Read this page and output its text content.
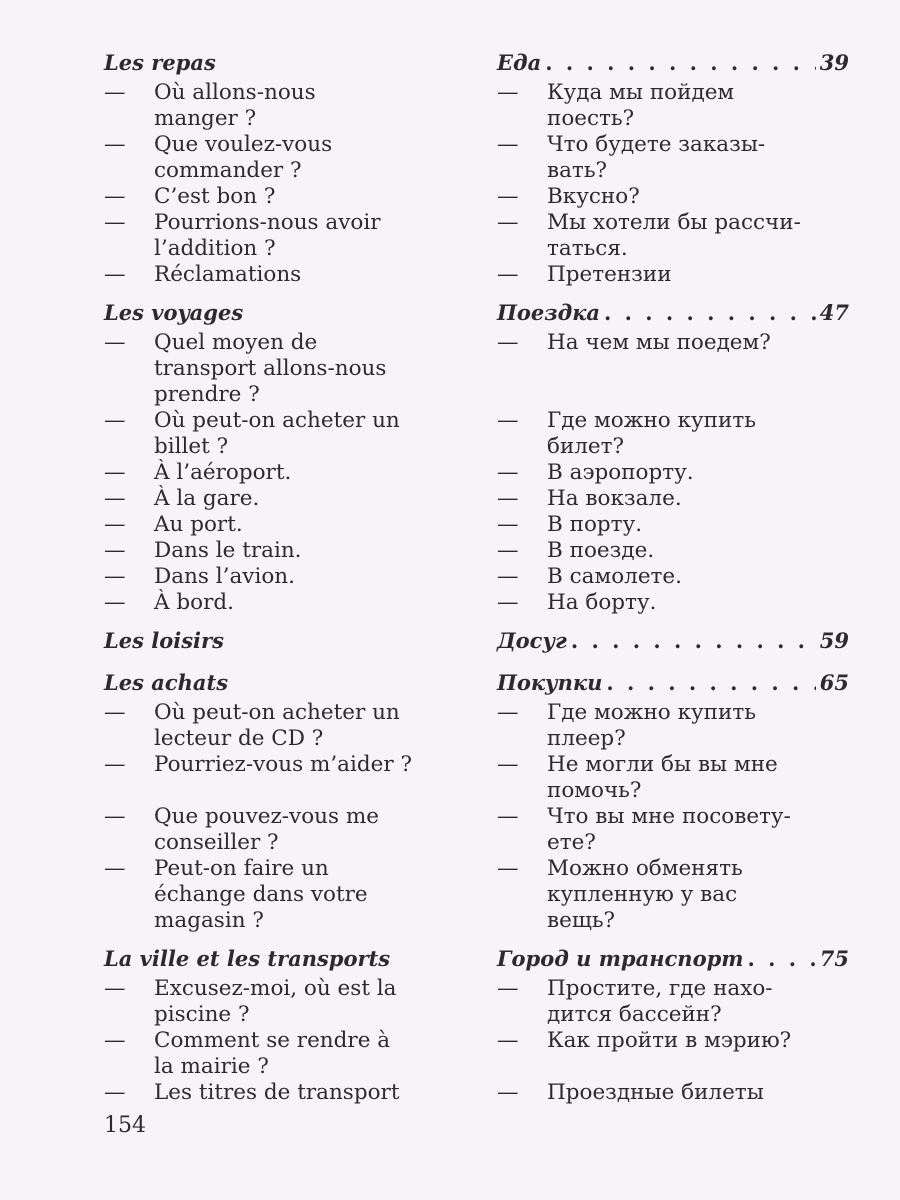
Les repas
—	Où allons-nous
manger ?
—	Que voulez-vous
commander ?
—	C’est bon ?
—	Pourrions-nous avoir
l’addition ?
—	Réclamations
Les voyages
—	Quel moyen de
transport allons-nous
prendre ?
—	Où peut-on acheter un
billet ?
—	À l’aéroport.
—	À la gare.
—	Au port.
—	Dans le train.
—	Dans l’avion.
—	À bord.
Les loisirs
Les achats
—	Où peut-on acheter un
lecteur de CD ?
—	Pourriez-vous m’aider ?
—	Que pouvez-vous me
conseiller ?
—	Peut-on faire un
échange dans votre
magasin ?
La ville et les transports
—	Excusez-moi, où est la
piscine ?
—	Comment se rendre à
la mairie ?
—	Les titres de transport
Еда . . .	39
—	Куда мы пойдем
поесть?
—	Что будете заказы-
вать?
—	Вкусно?
—	Мы хотели бы рассчи-
таться.
—	Претензии
Поездка . . .	47
—	На чем мы поедем?
—	Где можно купить
билет?
—	В аэропорту.
—	На вокзале.
—	В порту.
—	В поезде.
—	В самолете.
—	На борту.
Досуг . . .	59
Покупки . . .	65
—	Где можно купить
плеер?
—	Не могли бы вы мне
помочь?
—	Что вы мне посовету-
ете?
—	Можно обменять
купленную у вас
вещь?
Город и транспорт . . .	75
—	Простите, где нахо-
дится бассейн?
—	Как пройти в мэрию?
—	Проездные билеты
154
